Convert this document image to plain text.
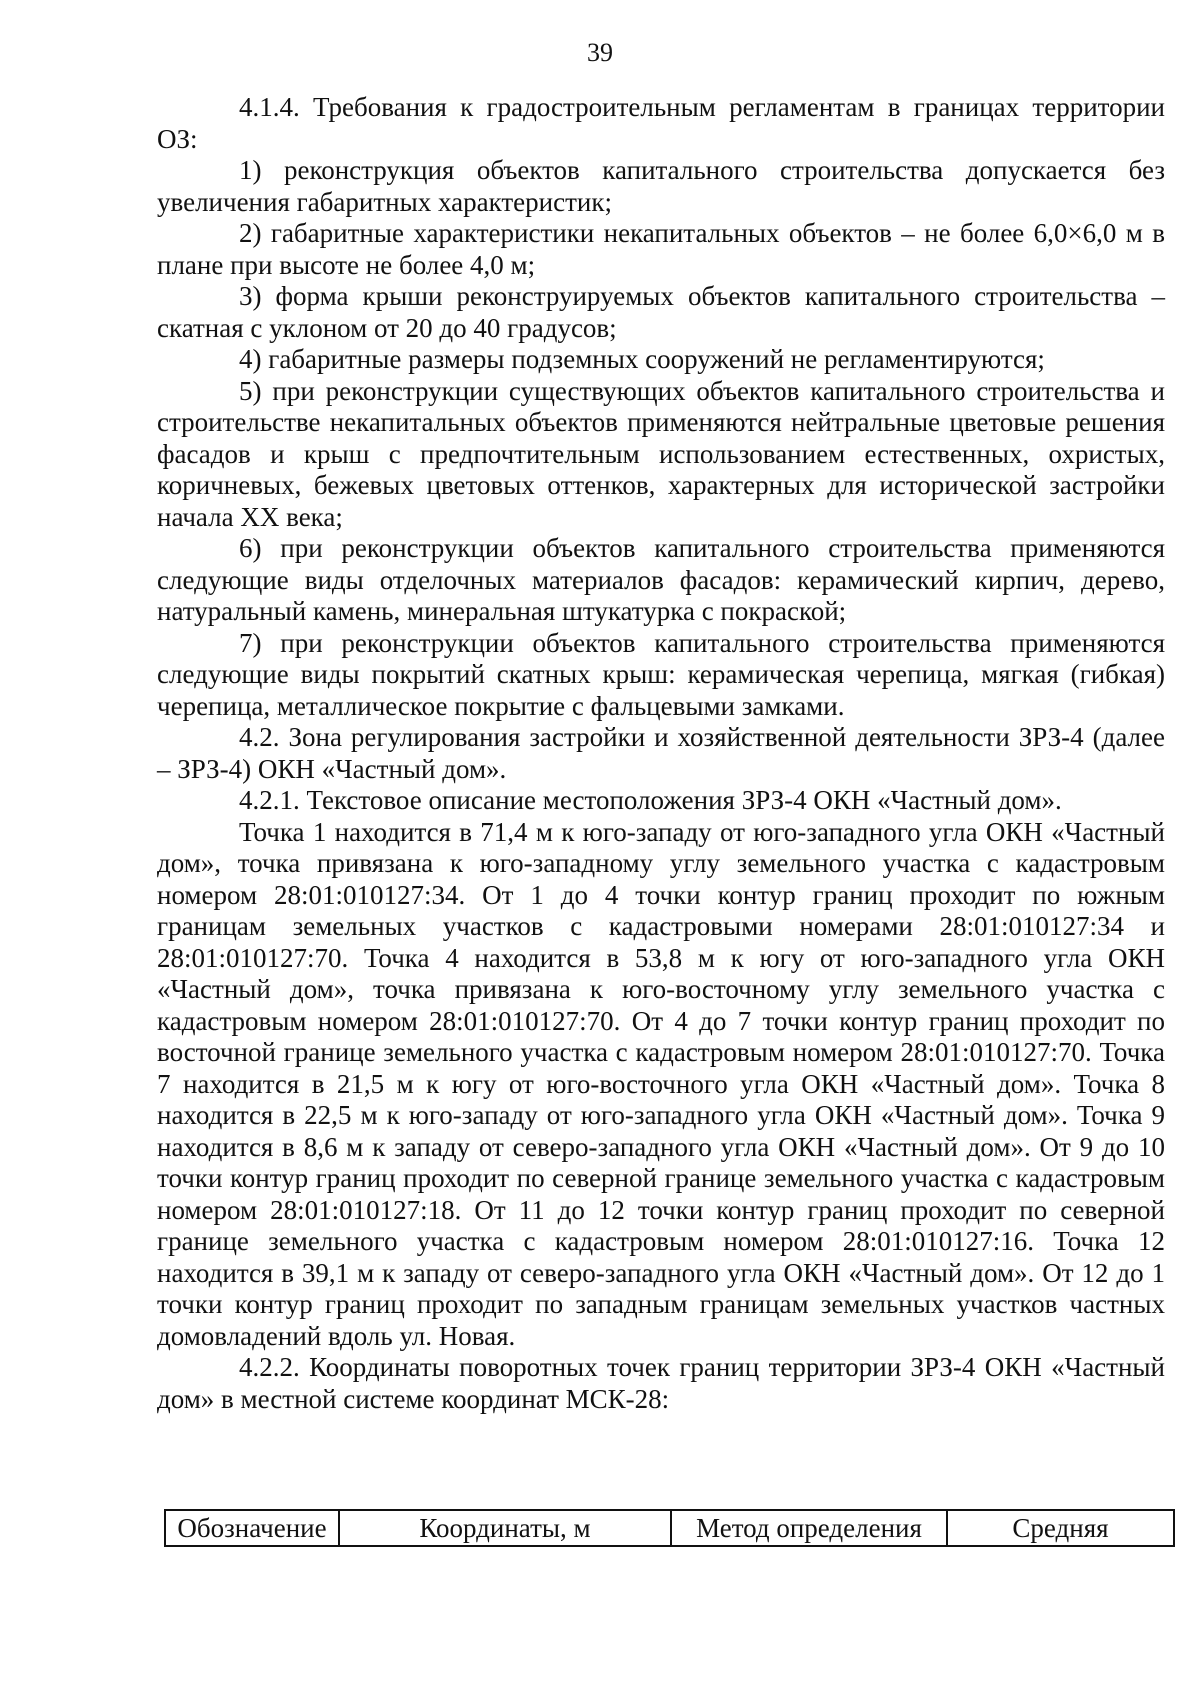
39

4.1.4. Требования к градостроительным регламентам в границах территории ОЗ:

1) реконструкция объектов капитального строительства допускается без увеличения габаритных характеристик;

2) габаритные характеристики некапитальных объектов – не более 6,0×6,0 м в плане при высоте не более 4,0 м;

3) форма крыши реконструируемых объектов капитального строительства – скатная с уклоном от 20 до 40 градусов;

4) габаритные размеры подземных сооружений не регламентируются;

5) при реконструкции существующих объектов капитального строительства и строительстве некапитальных объектов применяются нейтральные цветовые решения фасадов и крыш с предпочтительным использованием естественных, охристых, коричневых, бежевых цветовых оттенков, характерных для исторической застройки начала XX века;

6) при реконструкции объектов капитального строительства применяются следующие виды отделочных материалов фасадов: керамический кирпич, дерево, натуральный камень, минеральная штукатурка с покраской;

7) при реконструкции объектов капитального строительства применяются следующие виды покрытий скатных крыш: керамическая черепица, мягкая (гибкая) черепица, металлическое покрытие с фальцевыми замками.

4.2. Зона регулирования застройки и хозяйственной деятельности ЗРЗ-4 (далее – ЗРЗ-4) ОКН «Частный дом».

4.2.1. Текстовое описание местоположения ЗРЗ-4 ОКН «Частный дом».

Точка 1 находится в 71,4 м к юго-западу от юго-западного угла ОКН «Частный дом», точка привязана к юго-западному углу земельного участка с кадастровым номером 28:01:010127:34. От 1 до 4 точки контур границ проходит по южным границам земельных участков с кадастровыми номерами 28:01:010127:34 и 28:01:010127:70. Точка 4 находится в 53,8 м к югу от юго-западного угла ОКН «Частный дом», точка привязана к юго-восточному углу земельного участка с кадастровым номером 28:01:010127:70. От 4 до 7 точки контур границ проходит по восточной границе земельного участка с кадастровым номером 28:01:010127:70. Точка 7 находится в 21,5 м к югу от юго-восточного угла ОКН «Частный дом». Точка 8 находится в 22,5 м к юго-западу от юго-западного угла ОКН «Частный дом». Точка 9 находится в 8,6 м к западу от северо-западного угла ОКН «Частный дом». От 9 до 10 точки контур границ проходит по северной границе земельного участка с кадастровым номером 28:01:010127:18. От 11 до 12 точки контур границ проходит по северной границе земельного участка с кадастровым номером 28:01:010127:16. Точка 12 находится в 39,1 м к западу от северо-западного угла ОКН «Частный дом». От 12 до 1 точки контур границ проходит по западным границам земельных участков частных домовладений вдоль ул. Новая.

4.2.2. Координаты поворотных точек границ территории ЗРЗ-4 ОКН «Частный дом» в местной системе координат МСК-28:

Обозначение	Координаты, м	Метод определения	Средняя
